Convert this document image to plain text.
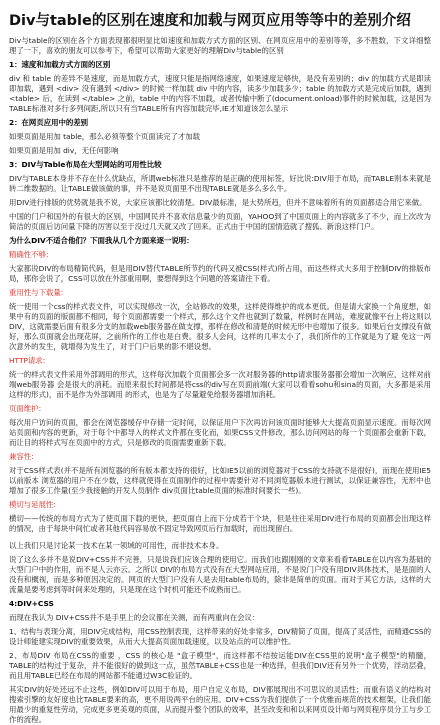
Div与table的区别在速度和加载与网页应用等等中的差别介绍
Div与table的区别在各个方面表现都很明显比如速度和加载方式方面的区别、在网页应用中的差别等等，多不胜数，下文详细整理了一下，喜欢的朋友可以参考下，希望可以帮助大家更好的理解Div与table的区别
1：速度和加载方式方面的区别
div 和 table 的差异不是速度，而是加载方式，速度只能是指网络速度，如果速度足够快，是没有差别的；div 的加载方式是即读即加载，遇到 <div> 没有遇到 </div> 的时候一样加载 div 中的内容，读多少加载多少；table 的加载方式是完成后加载，遇到 <table> 后，在读到 </table> 之前，table 中的内容不加载，或者传输中断了(document.onload)事件的时候加载，这是因为TABLE标准对多行多列间距,所以只有当TABLE所有内容加载完毕,IE才知道该怎么显示
2：在网页应用中的差别
如果页面是用加 table，那么必须等整个页面读完了才加载
如果页面是用加 div，无任何影响
3：DIV与Table布局在大型网站的可用性比较
DIV与TABLE本身并不存在什么优缺点，所谓web标准只是推荐的是正确的使用标签，好比说:DIV用于布局，而TABLE则本来就是转二维数据的。让TABLE做该做的事，并不是说页面里不出现TABLE就是多么多么牛。
用DIV进行排版的优势就是我不说，大家应该都比较清楚。DIV最标准，是大势所趋，但并不意味着所有的页面都适合用它来做。
中国的门户和国外的有很大的区别，中国网民并不喜欢信息量少的页面，YAHOO到了中国页面上的内容就多了不少，而上次改为简洁的页面后访问量下降的厉害以至于没过几天就又改了回来。正式由于中国的国情造就了搜狐、新浪这样门户。
为什么DIV不适合他们？下面我从几个方面来逐一说明：
精确性不够:
大家都说DIV的布局精简代码，但是用DIV替代TABLE所节约的代码又被CSS(样式)所占用，而这些样式大多用于控制DIV的排版布局，那你会说了，CSS可以放在外部重用啊，要想得到这个问题的答案请往下看。
重用性与下载量:
统一使用一个css的样式表文件，可以实现修改一次，全站修改的效果，这样使得维护的成本更低。但是请大家换一个角度想，如果中有的页面的版面都不相同，每个页面都需要一个样式，那么这个文件也就到了数量，样例时在网站，难度就像平台上将这则以DIV，这就需要后面有很多分支的加载web服务器在做支撑，那样在修改和清楚的时候无形中也增加了很多。如果后台支撑没有做好，那么页面就会出现花屏，之前所作的工作也是白费。很多人会问，这样的几率太小了，我们所作的工作就是为了避 免这一两次意外的发生，就增得为发生了，对于门户后果的影不堪设想。
HTTP请求:
统一的样式表文件采用外部调用的形式，这样每次加载个页面都会多一次对服务器的http请求服务器都会增加一次响应，这样对前端web服务器 会是很大的消耗。而原来很长时间都是将css的div写在页面前端(大家可以看看sohu和sina的页面，大多都是采用这样的形式)，而不是作为外部调用 的形式，也是为了尽量避免给服务器增加消耗。
页面维护:
每次用户访问的页面，都会在浏览器缓存中存储一定时间，以保证用户下次再访问该页面时能够大大提高页面显示速度。而每次网站页面和内容的更新，对于每个中都导入的样式文件都在变化而，如果CSS文件修改，那么访问网站的每一个页面都会重新下载，而让目的将样式写在页面中的方式，只是修改的页面需要重新下载。
兼容性:
对于CSS样式表(并不是所有浏览器的所有版本都支持的很好，比如IE5以前的浏览器对于CSS的支持就不是很好)，而现在使用IE5以前版本 浏览器的用户不在少数，这样就使得在页面制作的过程中需要针对不同浏览器版本进行测试，以保证兼容性，无形中也增加了很多工作量(至少我接触的开发人员制作 div页面比table页面的标准时间要长一些)。
模切与延展性:
横切——传统的布局方式为了使页面下载的更快，把页面自上而下分成若干个块，但是往往采用DIV进行布局的页面都会出现这样的情况，由于每块中间忙或者其他代码容易放不固定导致网页后行加载时，而出现留白。
以上我们只是讨论某一技术在某一领域的可用性，而非技术本身。
说了这么多并不是说DIV+CSS并不完善，只是说我们应该合理的使用它。而我们也跟刚刚的文章来看看TABLE在以内容为基础的大型门户中的作用，而不是人云亦云。之所以 DIV的布局方式没有在大型网站应用，不是说门户没有用DIV具体技术，是是面的人没有和概视，而是多种原因决定的。网页的大型门户没有人是去用table布局的，除非是简单的页面。而对于其它方法，这样的大流量是要考虑到等时间来处理的，只是现在这个时机可能还不成熟而已。
4:DIV+CSS
而现在我认为 DIV+CSS并不是手里上的会议都在关测，而有两重向在会议：
1、结构与表现分离，用DIV完成结构，用CSS控制表现，这样带来的好处非常多，DIV精简了页面，提高了灵活性，而精通CSS的设计师能建实现DIV的重要效果，从而大大提高页面加载速度，以及站点的可以维护性。
2、布局DIV 布局在CSS的重要 ，CSS 的核心是 "盒子模型"，而这样都不结按运能DIV在CSS里的说明"盒子模型"的精髓，TABLE的结构过于复杂，并不能很好的做到这一点，虽然TABLE+CSS也是一种选择，但我们DIV还有另外一个优势，浮动层叠，而且用TABLE已经在布局的网站都不能通过W3C验证的。
其实DIV的好处还远不止这些，例如DIV可以用于布局，用户自定义布局，DIV都展现出不可思议的灵活性；而重有语义的结构对搜索引擎的友好度也比TABLE要来的高，更不用说两平台的应用。DIV+CSS为我们提供了一个优雅而规范的技术框架，让我们能用最少的重复性劳动，完成更多更美观的页面，从而提升整个团队的效率，甚至改变和和以来网页设计师与网页程序员分工与步工作的流程。
